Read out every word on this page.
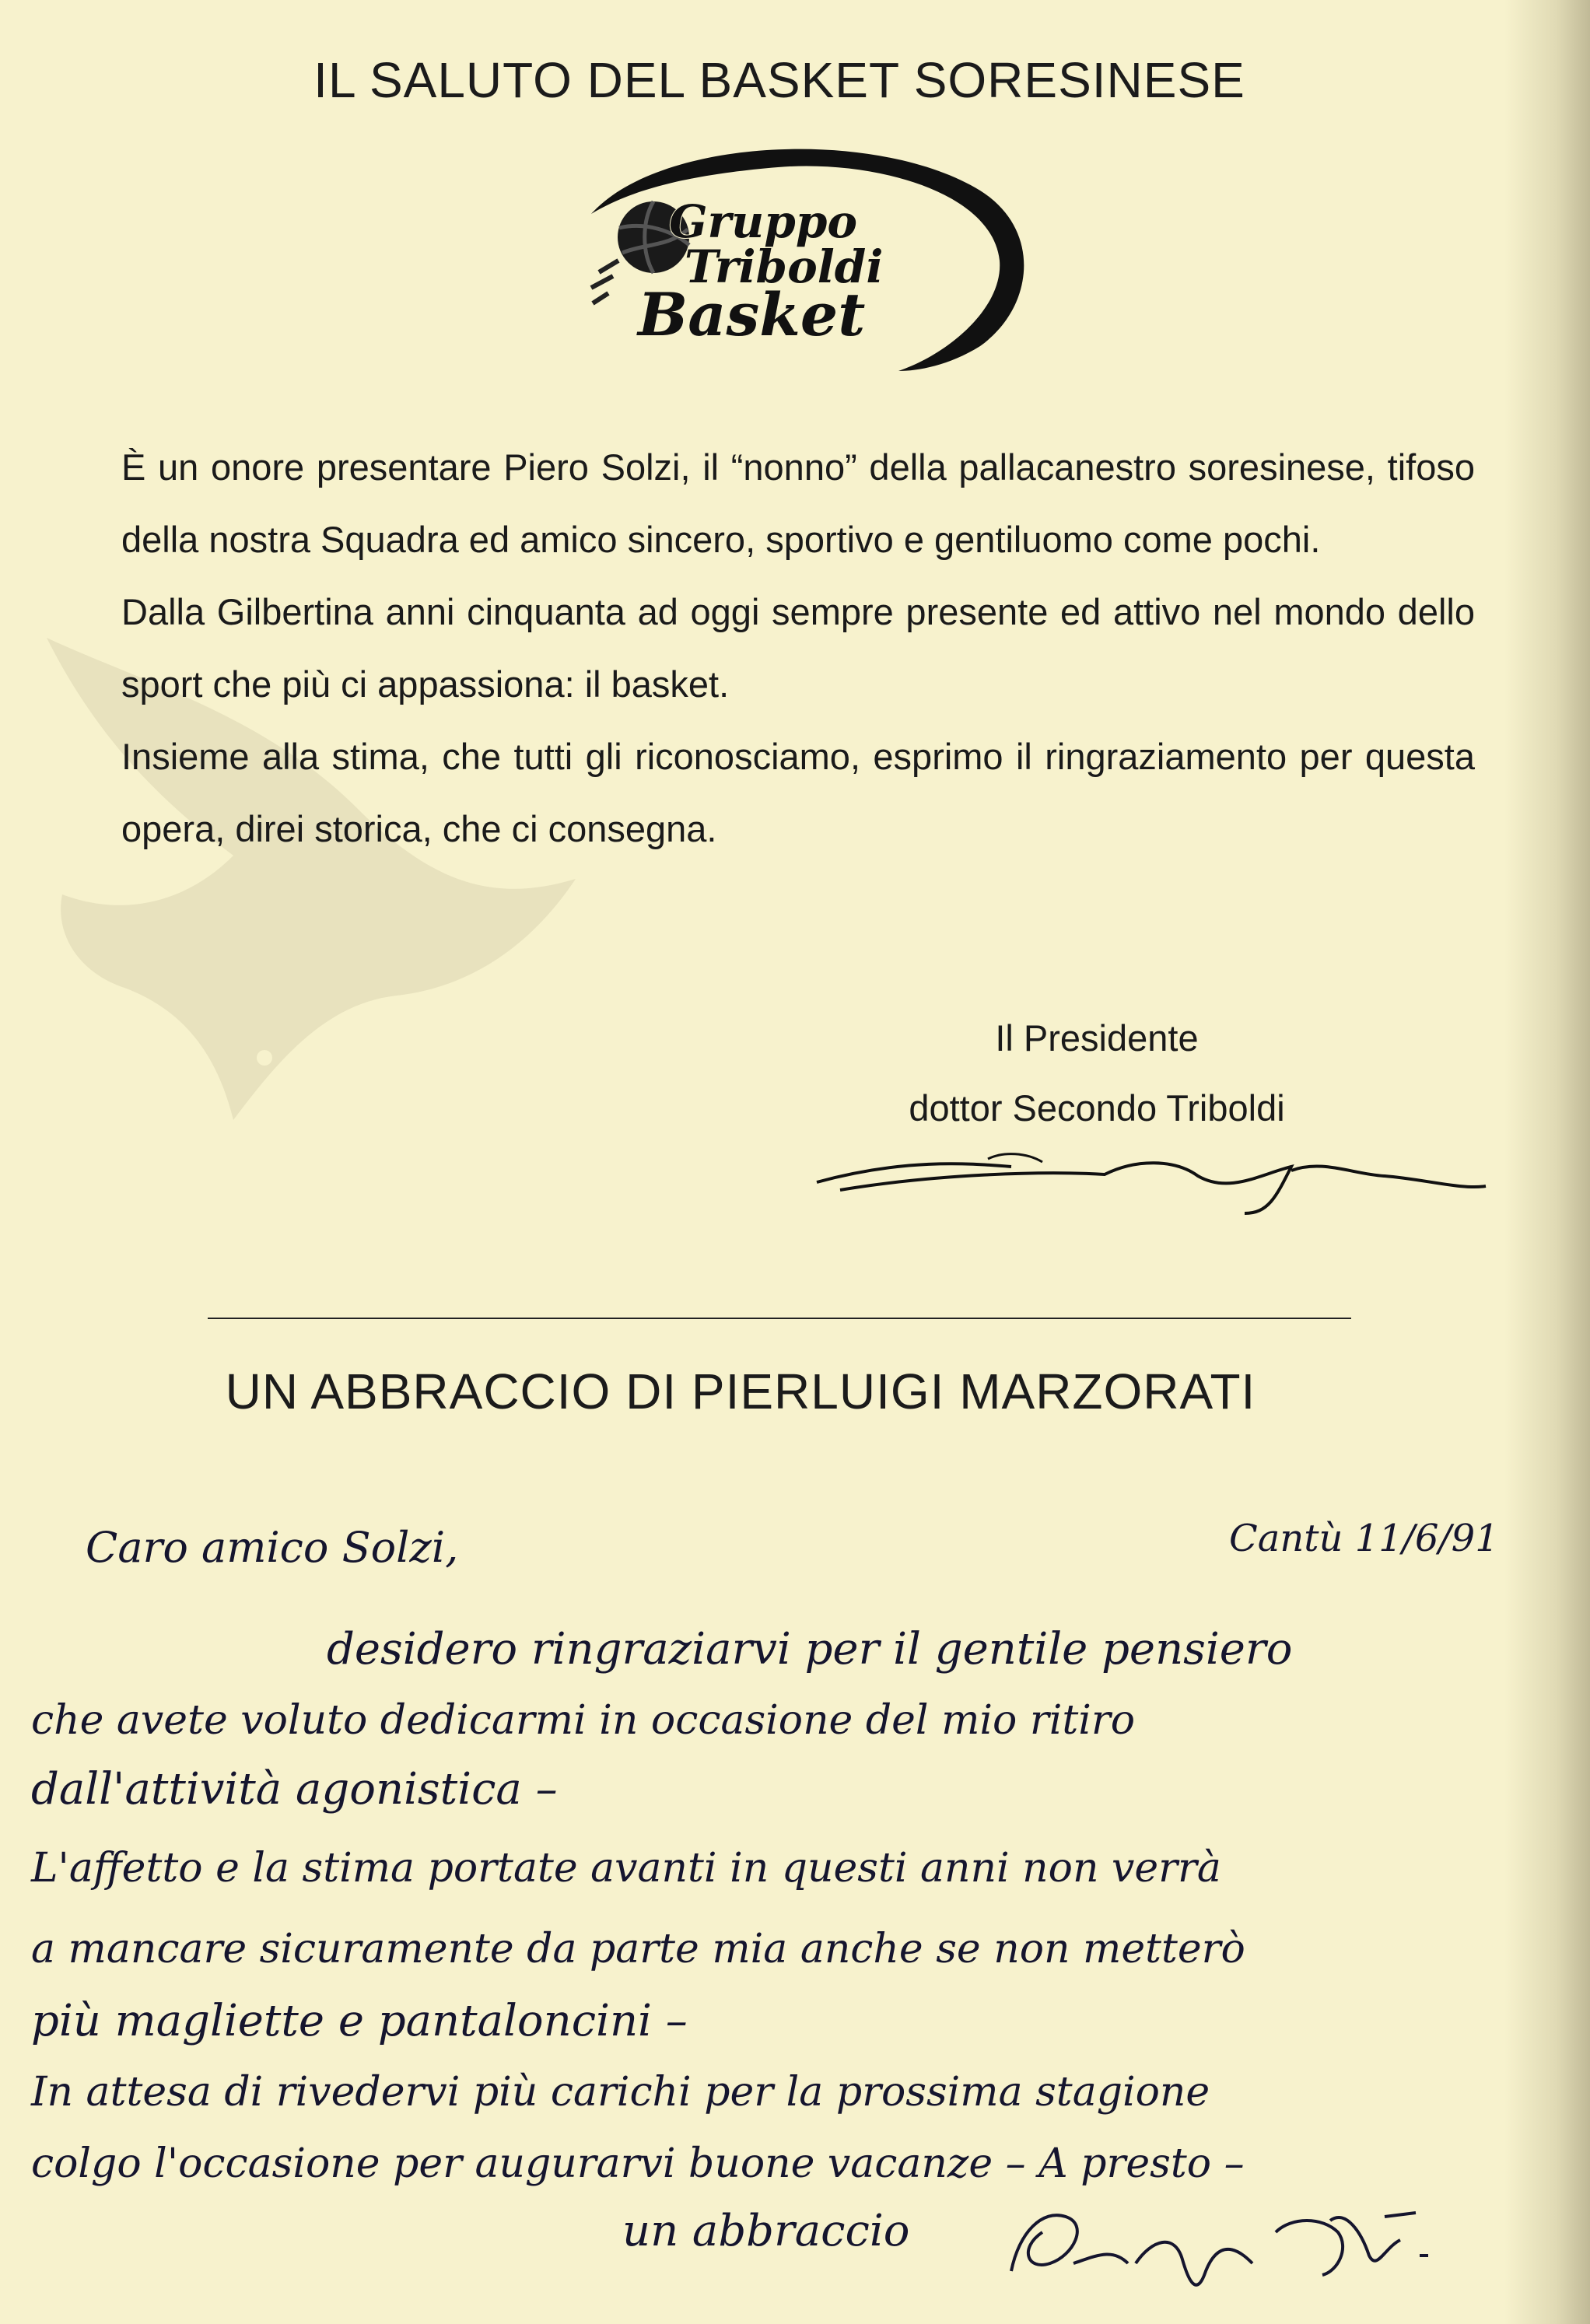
IL SALUTO DEL BASKET SORESINESE
Gruppo
Triboldi
Basket

È un onore presentare Piero Solzi, il “nonno” della pallacanestro soresinese, tifoso della nostra Squadra ed amico sincero, sportivo e gentiluomo come pochi.

Dalla Gilbertina anni cinquanta ad oggi sempre presente ed attivo nel mondo dello sport che più ci appassiona: il basket.

Insieme alla stima, che tutti gli riconosciamo, esprimo il ringraziamento per questa opera, direi storica, che ci consegna.

Il Presidente
dottor Secondo Triboldi
UN ABBRACCIO DI PIERLUIGI MARZORATI
Caro amico Solzi,	Cantù 11/6/91
desidero ringraziarvi per il gentile pensiero
che avete voluto dedicarmi in occasione del mio ritiro
dall'attività agonistica –
L'affetto e la stima portate avanti in questi anni non verrà
a mancare sicuramente da parte mia anche se non metterò
più magliette e pantaloncini –
In attesa di rivedervi più carichi per la prossima stagione
colgo l'occasione per augurarvi buone vacanze – A presto –
un abbraccio
